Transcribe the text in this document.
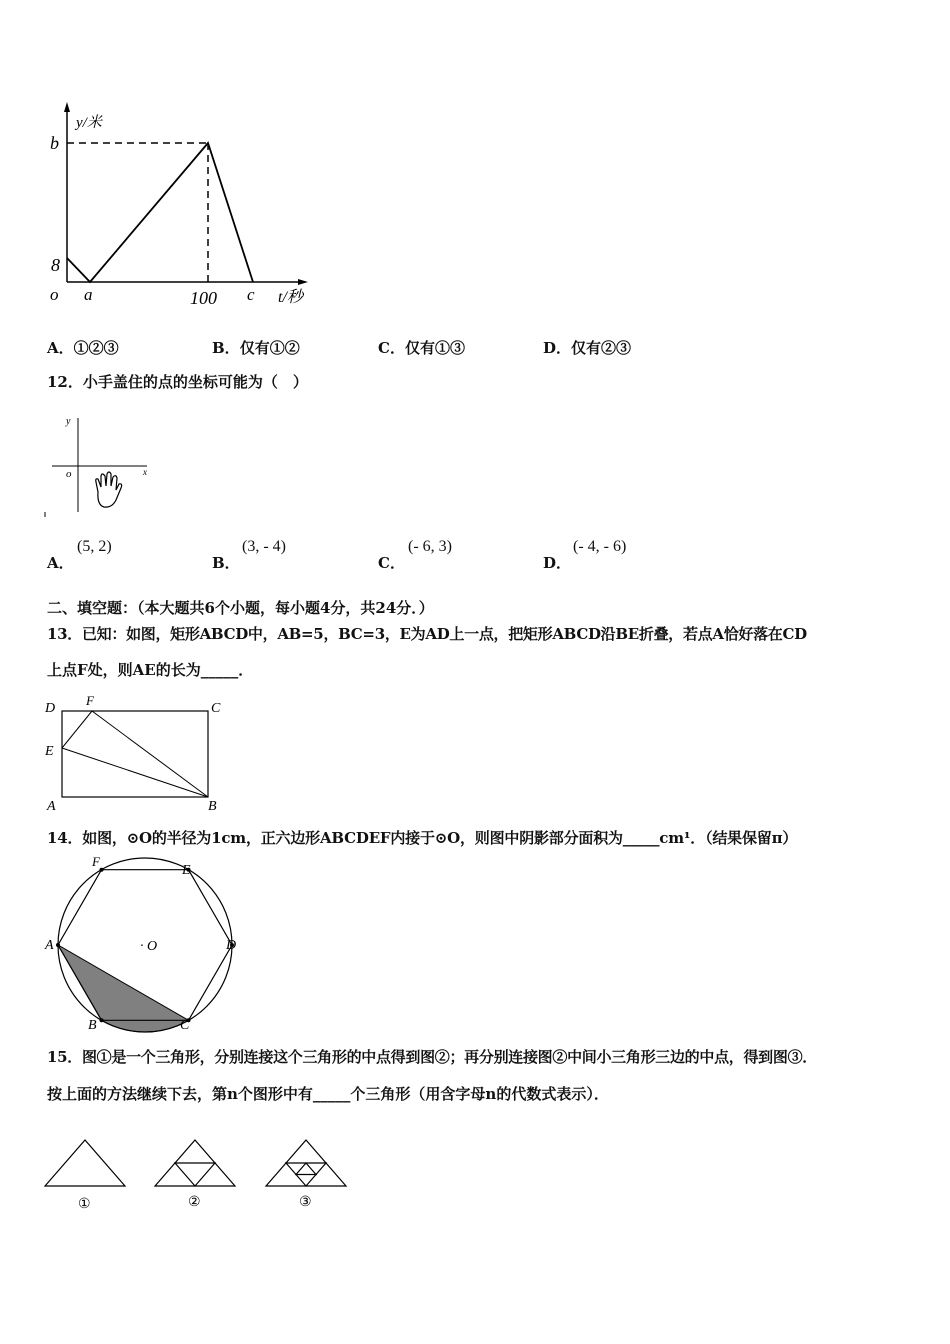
y/米
b
8
o a	100 c t/秒
A．①②③	B．仅有①②	C．仅有①③	D．仅有②③
12．小手盖住的点的坐标可能为（　）
y
o	x
A．
(5, 2)
B．
(3, - 4)
C．
(- 6, 3)
D．
(- 4, - 6)
二、填空题：（本大题共6个小题，每小题4分，共24分．）
13．已知：如图，矩形ABCD中，AB=5，BC=3，E为AD上一点，把矩形ABCD沿BE折叠，若点A恰好落在CD
上点F处，则AE的长为_____．
D
F
C
E
A	B
14．如图，⊙O的半径为1cm，正六边形ABCDEF内接于⊙O，则图中阴影部分面积为_____cm¹．（结果保留π）
F
E
A	· O	D
B	C
15．图①是一个三角形，分别连接这个三角形的中点得到图②；再分别连接图②中间小三角形三边的中点，得到图③．
按上面的方法继续下去，第n个图形中有_____个三角形（用含字母n的代数式表示）．
①	②	③
